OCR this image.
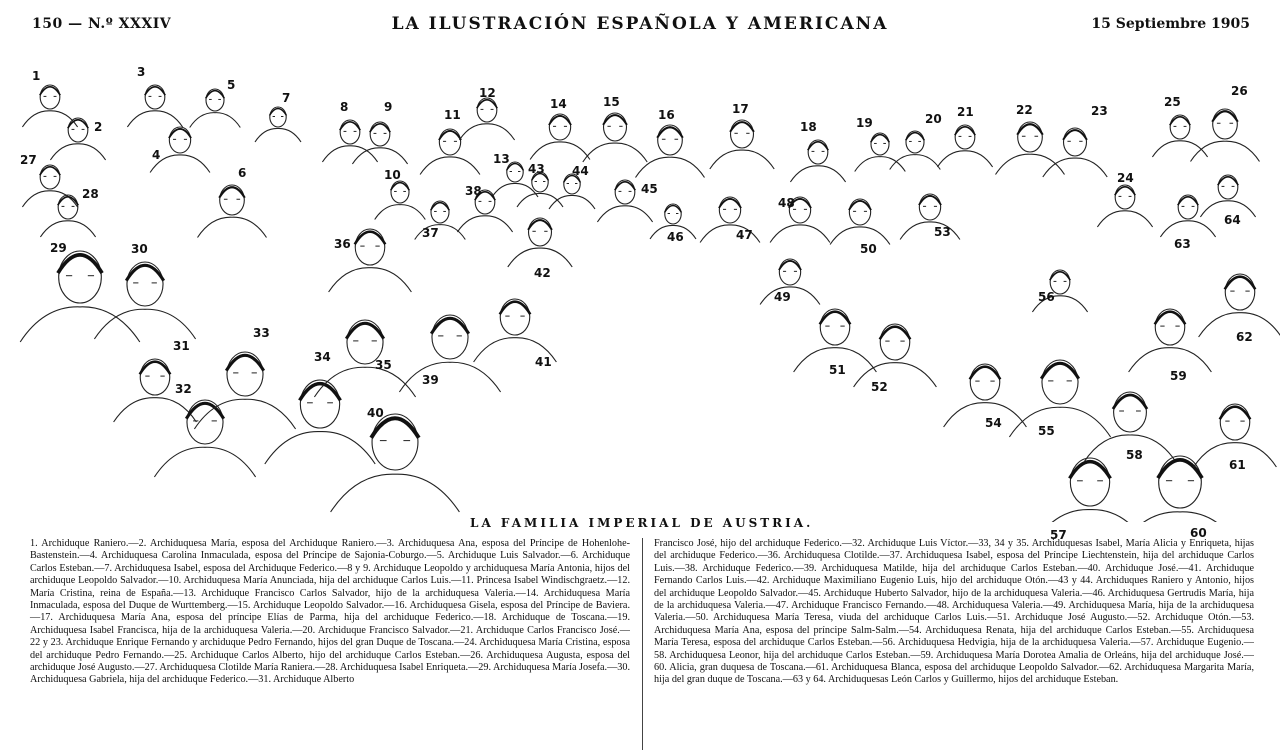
150 — N.º XXXIV	LA ILUSTRACIÓN ESPAÑOLA Y AMERICANA	15 Septiembre 1905
LA FAMILIA IMPERIAL DE AUSTRIA.
1
2
3
4
5
6
7
8	9
10
11
12
13
14	15
16	17
18	19	20 21	22	23
24
25
26
27
28
29	30
31
32
33
34
35
36
37
38
39
40
41
42
43 44
45
46	47
48
49
50
51
52
53
54
55
56
57
58
59
60
61
62
63
64
1. Archiduque Raniero.—2. Archiduquesa María, esposa del Archiduque Raniero.—3. Archiduquesa Ana, esposa del Príncipe de Hohenlohe-Bastenstein.—4. Archiduquesa Carolina Inmaculada, esposa del Príncipe de Sajonia-Coburgo.—5. Archiduque Luis Salvador.—6. Archiduque Carlos Esteban.—7. Archiduquesa Isabel, esposa del Archiduque Federico.—8 y 9. Archiduque Leopoldo y archiduquesa María Antonia, hijos del archiduque Leopoldo Salvador.—10. Archiduquesa María Anunciada, hija del archiduque Carlos Luis.—11. Princesa Isabel Windischgraetz.—12. María Cristina, reina de España.—13. Archiduque Francisco Carlos Salvador, hijo de la archiduquesa Valeria.—14. Archiduquesa María Inmaculada, esposa del Duque de Wurttemberg.—15. Archiduque Leopoldo Salvador.—16. Archiduquesa Gisela, esposa del Príncipe de Baviera.—17. Archiduquesa María Ana, esposa del príncipe Elías de Parma, hija del archiduque Federico.—18. Archiduque de Toscana.—19. Archiduquesa Isabel Francisca, hija de la archiduquesa Valeria.—20. Archiduque Francisco Salvador.—21. Archiduque Carlos Francisco José.—22 y 23. Archiduque Enrique Fernando y archiduque Pedro Fernando, hijos del gran Duque de Toscana.—24. Archiduquesa María Cristina, esposa del archiduque Pedro Fernando.—25. Archiduque Carlos Alberto, hijo del archiduque Carlos Esteban.—26. Archiduquesa Augusta, esposa del archiduque José Augusto.—27. Archiduquesa Clotilde María Raniera.—28. Archiduquesa Isabel Enriqueta.—29. Archiduquesa María Josefa.—30. Archiduquesa Gabriela, hija del archiduque Federico.—31. Archiduque Alberto
Francisco José, hijo del archiduque Federico.—32. Archiduque Luis Víctor.—33, 34 y 35. Archiduquesas Isabel, María Alicia y Enriqueta, hijas del archiduque Federico.—36. Archiduquesa Clotilde.—37. Archiduquesa Isabel, esposa del Príncipe Liechtenstein, hija del archiduque Carlos Luis.—38. Archiduque Federico.—39. Archiduquesa Matilde, hija del archiduque Carlos Esteban.—40. Archiduque José.—41. Archiduque Fernando Carlos Luis.—42. Archiduque Maximiliano Eugenio Luis, hijo del archiduque Otón.—43 y 44. Archiduques Raniero y Antonio, hijos del archiduque Leopoldo Salvador.—45. Archiduque Huberto Salvador, hijo de la archiduquesa Valeria.—46. Archiduquesa Gertrudis María, hija de la archiduquesa Valeria.—47. Archiduque Francisco Fernando.—48. Archiduquesa Valeria.—49. Archiduquesa María, hija de la archiduquesa Valeria.—50. Archiduquesa María Teresa, viuda del archiduque Carlos Luis.—51. Archiduque José Augusto.—52. Archiduque Otón.—53. Archiduquesa María Ana, esposa del príncipe Salm-Salm.—54. Archiduquesa Renata, hija del archiduque Carlos Esteban.—55. Archiduquesa María Teresa, esposa del archiduque Carlos Esteban.—56. Archiduquesa Hedvigia, hija de la archiduquesa Valeria.—57. Archiduque Eugenio.—58. Archiduquesa Leonor, hija del archiduque Carlos Esteban.—59. Archiduquesa María Dorotea Amalia de Orleáns, hija del archiduque José.—60. Alicia, gran duquesa de Toscana.—61. Archiduquesa Blanca, esposa del archiduque Leopoldo Salvador.—62. Archiduquesa Margarita María, hija del gran duque de Toscana.—63 y 64. Archiduquesas León Carlos y Guillermo, hijos del archiduque Esteban.
